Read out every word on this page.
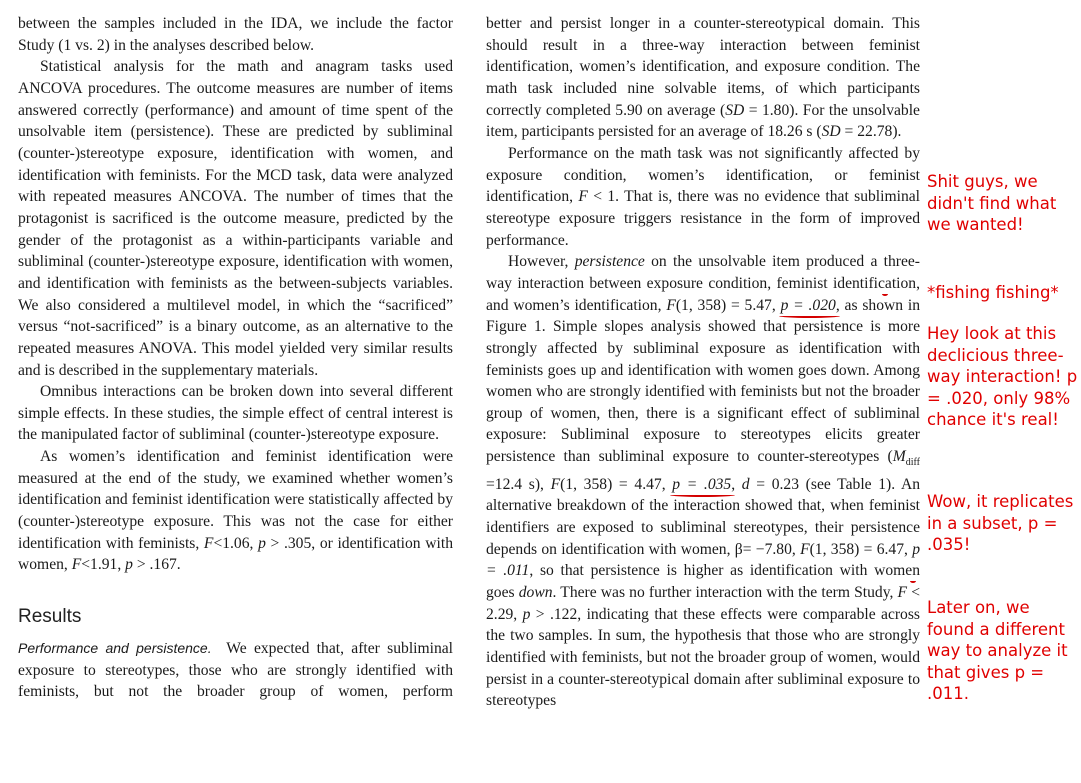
between the samples included in the IDA, we include the factor Study (1 vs. 2) in the analyses described below.

Statistical analysis for the math and anagram tasks used ANCOVA procedures. The outcome measures are number of items answered correctly (performance) and amount of time spent of the unsolvable item (persistence). These are predicted by subliminal (counter-)stereotype exposure, identification with women, and identification with feminists. For the MCD task, data were analyzed with repeated measures ANCOVA. The number of times that the protagonist is sacrificed is the outcome measure, predicted by the gender of the protagonist as a within-participants variable and subliminal (counter-)stereotype exposure, identification with women, and identification with feminists as the between-subjects variables. We also considered a multilevel model, in which the “sacrificed” versus “not-sacrificed” is a binary outcome, as an alternative to the repeated measures ANOVA. This model yielded very similar results and is described in the supplementary materials.

Omnibus interactions can be broken down into several different simple effects. In these studies, the simple effect of central interest is the manipulated factor of subliminal (counter-)stereotype exposure.

As women’s identification and feminist identification were measured at the end of the study, we examined whether women’s identification and feminist identification were statistically affected by (counter-)stereotype exposure. This was not the case for either identification with feminists, F<1.06, p > .305, or identification with women, F<1.91, p > .167.

Results

Performance and persistence. We expected that, after subliminal exposure to stereotypes, those who are strongly identified with feminists, but not the broader group of women, perform

better and persist longer in a counter-stereotypical domain. This should result in a three-way interaction between feminist identification, women’s identification, and exposure condition. The math task included nine solvable items, of which participants correctly completed 5.90 on average (SD = 1.80). For the unsolvable item, participants persisted for an average of 18.26 s (SD = 22.78).

Performance on the math task was not significantly affected by exposure condition, women’s identification, or feminist identification, F < 1. That is, there was no evidence that subliminal stereotype exposure triggers resistance in the form of improved performance.

However, persistence on the unsolvable item produced a three-way interaction between exposure condition, feminist identification, and women’s identification, F(1, 358) = 5.47, p = .020, as shown in Figure 1. Simple slopes analysis showed that persistence is more strongly affected by subliminal exposure as identification with feminists goes up and identification with women goes down. Among women who are strongly identified with feminists but not the broader group of women, then, there is a significant effect of subliminal exposure: Subliminal exposure to stereotypes elicits greater persistence than subliminal exposure to counter-stereotypes ($M_{diff} =12.4$ s), F(1, 358) = 4.47, p = .035, d = 0.23 (see Table 1). An alternative breakdown of the interaction showed that, when feminist identifiers are exposed to subliminal stereotypes, their persistence depends on identification with women, β= −7.80, F(1, 358) = 6.47, p = .011, so that persistence is higher as identification with women goes down. There was no further interaction with the term Study, F < 2.29, p > .122, indicating that these effects were comparable across the two samples. In sum, the hypothesis that those who are strongly identified with feminists, but not the broader group of women, would persist in a counter-stereotypical domain after subliminal exposure to stereotypes

Shit guys, we didn't find what we wanted!
*fishing fishing*
Hey look at this declicious three-way interaction! p = .020, only 98% chance it's real!
Wow, it replicates in a subset, p = .035!
Later on, we found a different way to analyze it that gives p = .011.
